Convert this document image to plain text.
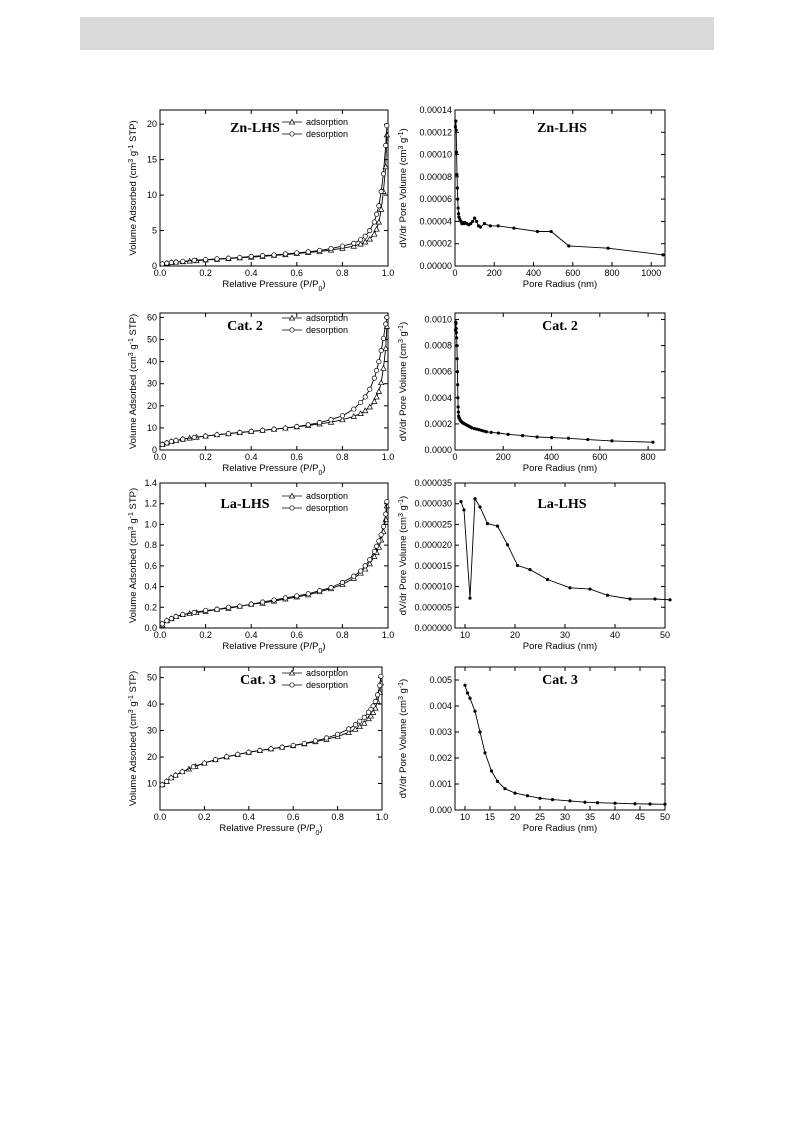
0.0	0.2	0.4	0.6	0.8	1.0
0
5
10
15
20
Relative Pressure $(P/P_0)$
Volume Adsorbed ($cm^3$ $g^{-1}$ STP)	Zn-LHS	adsorption
desorption
0	200	400	600	800 1000
0.00000
0.00002
0.00004
0.00006
0.00008
0.00010
0.00012
0.00014
Pore Radius (nm)
dV/dr Pore Volume ($cm^3$ $g^{-1}$)	Zn-LHS
0.0	0.2	0.4	0.6	0.8	1.0
0
10
20
30
40
50
60
Relative Pressure $(P/P_0)$
Volume Adsorbed ($cm^3$ $g^{-1}$ STP)	Cat. 2
adsorption
desorption
0	200	400	600	800
0.0000
0.0002
0.0004
0.0006
0.0008
0.0010
Pore Radius (nm)
dV/dr Pore Volume ($cm^3$ $g^{-1}$)	Cat. 2
0.0	0.2	0.4	0.6	0.8	1.0
0.0
0.2
0.4
0.6
0.8
1.0
1.2
1.4
Relative Pressure $(P/P_0)$
Volume Adsorbed ($cm^3$ $g^{-1}$ STP)	La-LHS
adsorption
desorption
10	20	30	40	50
0.000000
0.000005
0.000010
0.000015
0.000020
0.000025
0.000030
0.000035
Pore Radius (nm)
dV/dr Pore Volume ($cm^3$ $g^{-1}$)	La-LHS
0.0	0.2	0.4	0.6	0.8	1.0
10
20
30
40
50
Relative Pressure $(P/P_0)$
Volume Adsorbed ($cm^3$ $g^{-1}$ STP)	Cat. 3	adsorption
desorption
10 15 20 25 30 35 40 45 50
0.000
0.001
0.002
0.003
0.004
0.005
Pore Radius (nm)
dV/dr Pore Volume ($cm^3$ $g^{-1}$)	Cat. 3
